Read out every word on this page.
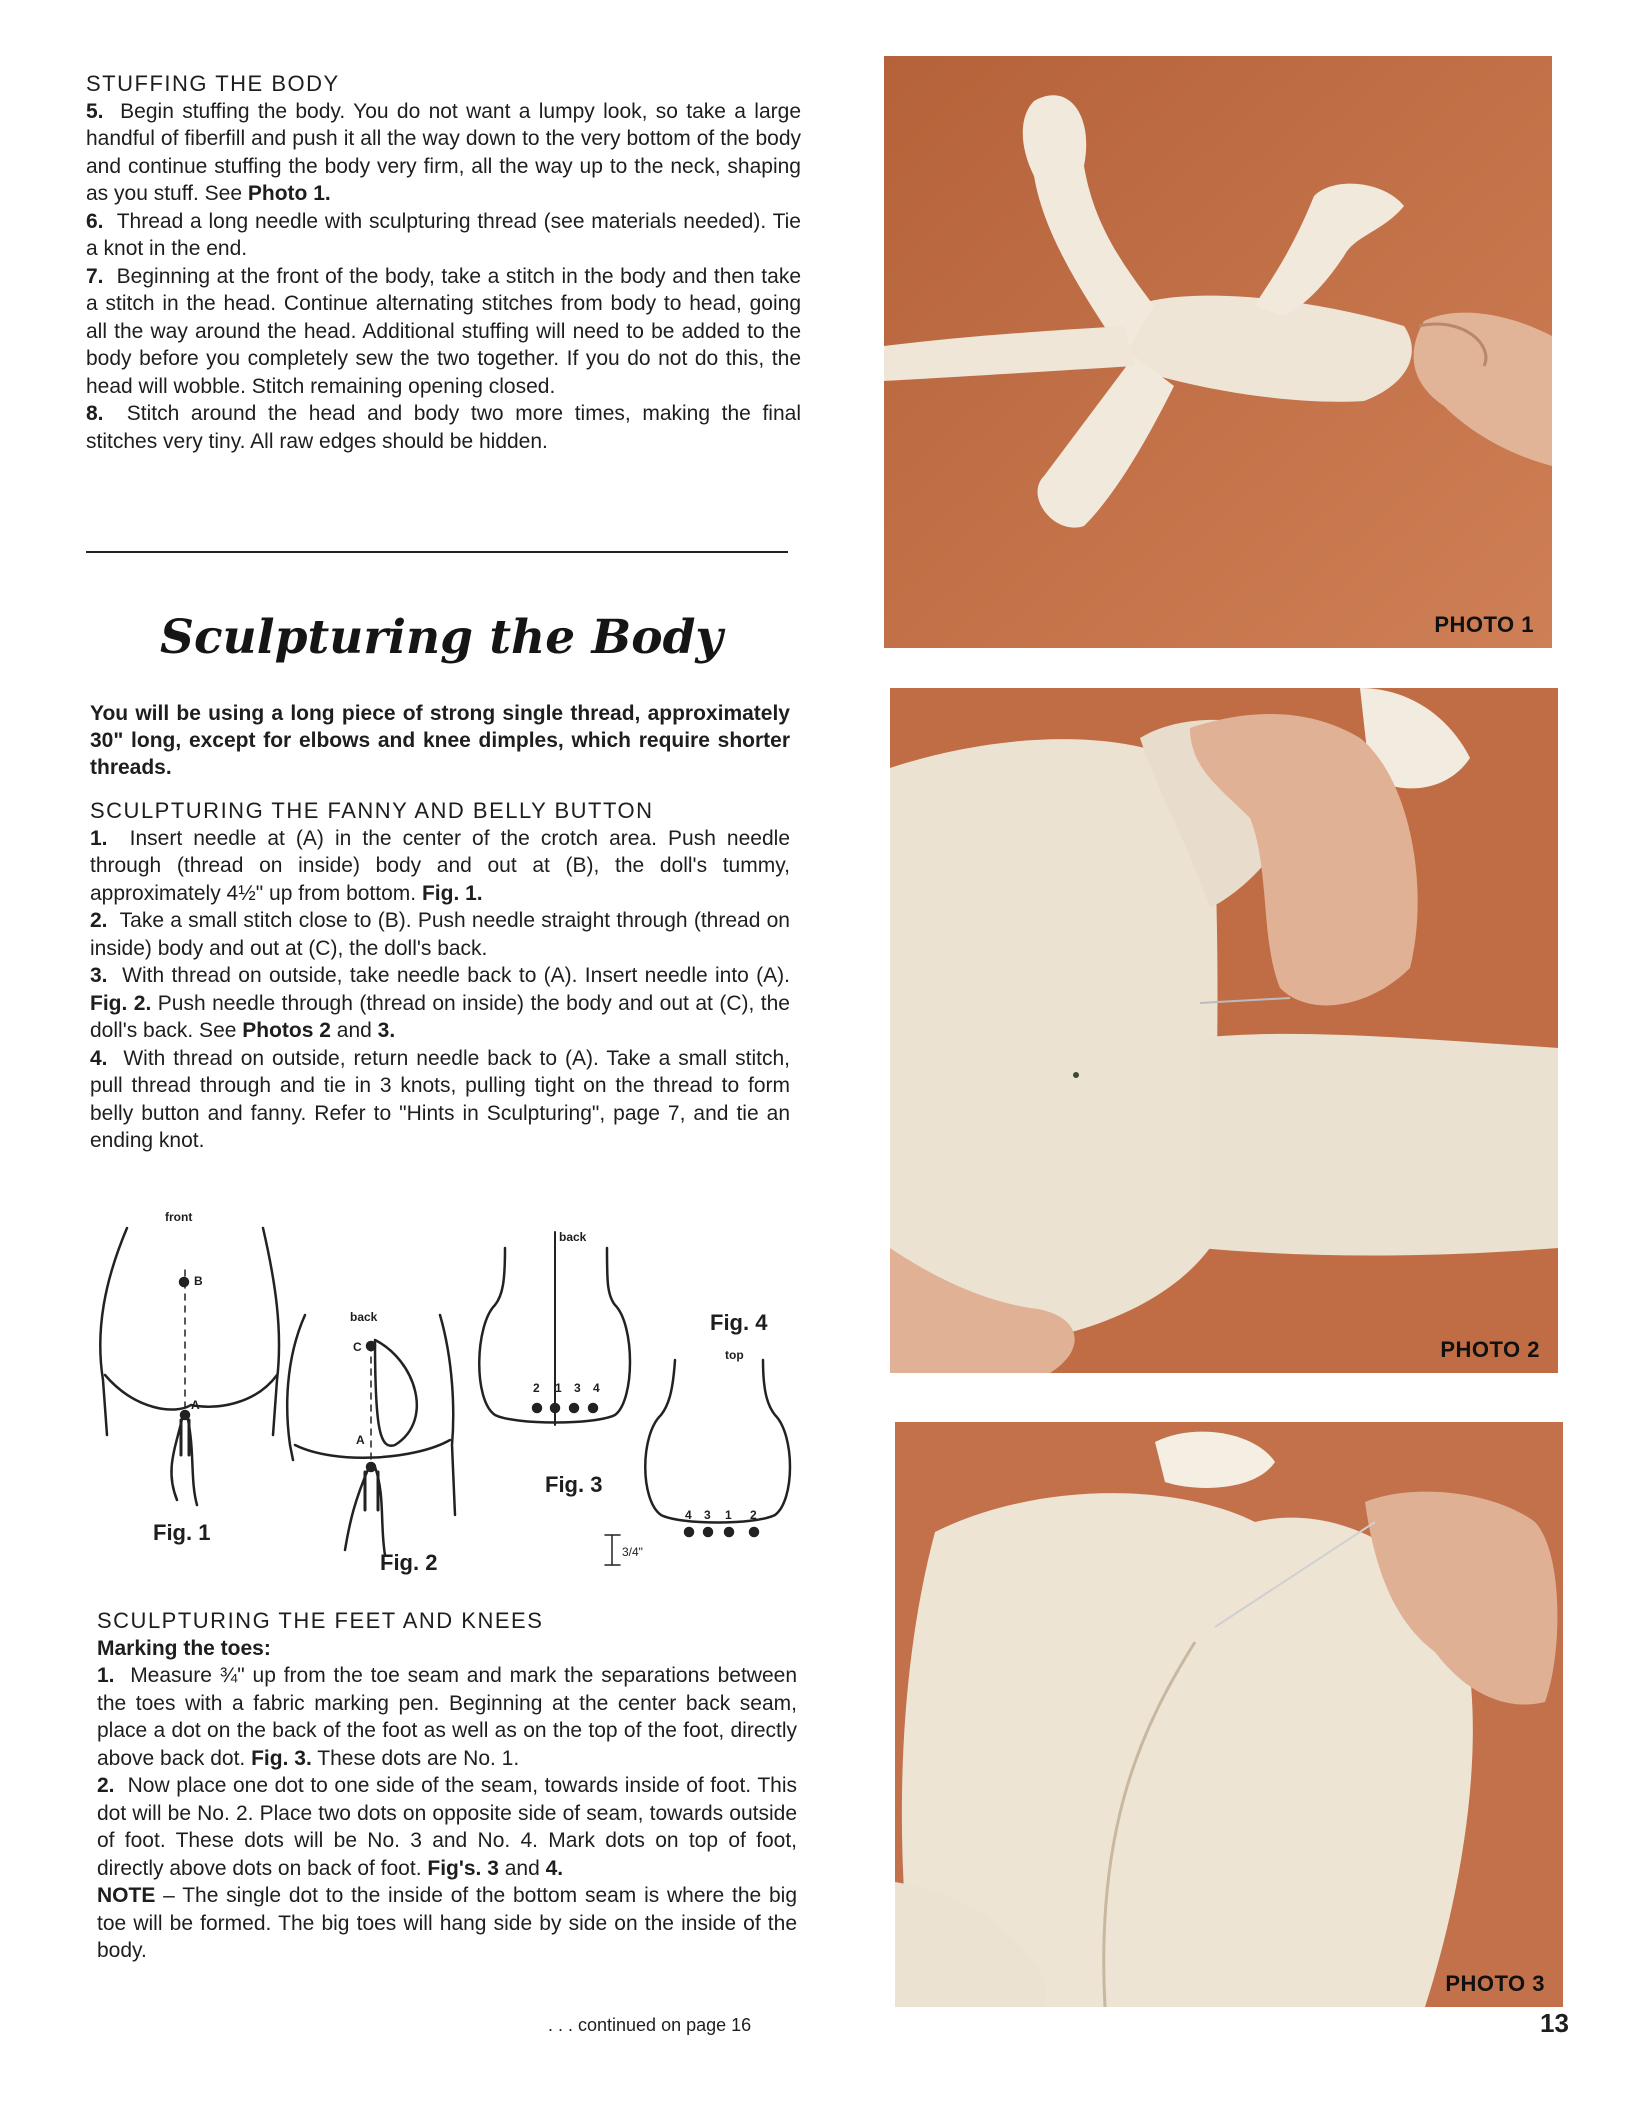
STUFFING THE BODY

5. Begin stuffing the body. You do not want a lumpy look, so take a large handful of fiberfill and push it all the way down to the very bottom of the body and continue stuffing the body very firm, all the way up to the neck, shaping as you stuff. See Photo 1.

6. Thread a long needle with sculpturing thread (see materials needed). Tie a knot in the end.

7. Beginning at the front of the body, take a stitch in the body and then take a stitch in the head. Continue alternating stitches from body to head, going all the way around the head. Additional stuffing will need to be added to the body before you completely sew the two together. If you do not do this, the head will wobble. Stitch remaining opening closed.

8. Stitch around the head and body two more times, making the final stitches very tiny. All raw edges should be hidden.

Sculpturing the Body
You will be using a long piece of strong single thread, approximately 30" long, except for elbows and knee dimples, which require shorter threads.

SCULPTURING THE FANNY AND BELLY BUTTON

1. Insert needle at (A) in the center of the crotch area. Push needle through (thread on inside) body and out at (B), the doll's tummy, approximately 4½" up from bottom. Fig. 1.

2. Take a small stitch close to (B). Push needle straight through (thread on inside) body and out at (C), the doll's back.

3. With thread on outside, take needle back to (A). Insert needle into (A). Fig. 2. Push needle through (thread on inside) the body and out at (C), the doll's back. See Photos 2 and 3.

4. With thread on outside, return needle back to (A). Take a small stitch, pull thread through and tie in 3 knots, pulling tight on the thread to form belly button and fanny. Refer to "Hints in Sculpturing", page 7, and tie an ending knot.

front
B
A
Fig. 1
back
C
A
Fig. 2
back
2 1 3 4
Fig. 3
Fig. 4
top
4 3 1 2
3/4"

SCULPTURING THE FEET AND KNEES

Marking the toes:

1. Measure ¾" up from the toe seam and mark the separations between the toes with a fabric marking pen. Beginning at the center back seam, place a dot on the back of the foot as well as on the top of the foot, directly above back dot. Fig. 3. These dots are No. 1.

2. Now place one dot to one side of the seam, towards inside of foot. This dot will be No. 2. Place two dots on opposite side of seam, towards outside of foot. These dots will be No. 3 and No. 4. Mark dots on top of foot, directly above dots on back of foot. Fig's. 3 and 4.

NOTE – The single dot to the inside of the bottom seam is where the big toe will be formed. The big toes will hang side by side on the inside of the body.

. . . continued on page 16	13
PHOTO 1
PHOTO 2
PHOTO 3
